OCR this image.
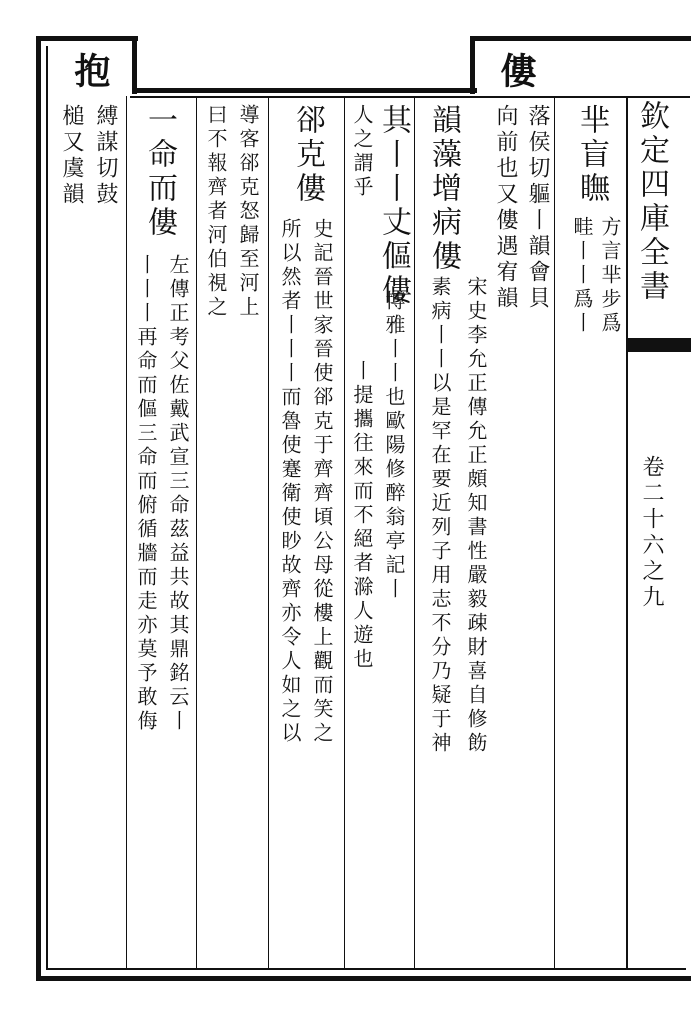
欽定四庫全書
卷二十六之九
僂
落侯切軀丨韻會貝
向前也又僂遇宥韻
抱
縛謀切鼓
槌又虞韻	芈盲瞴
方言芈步爲
畦丨丨爲丨
韻藻增病僂
宋史李允正傳允正頗知書性嚴毅疎財喜自修飭
素病丨丨以是罕在要近列子用志不分乃疑于神
其丨丨丈傴僂
博雅丨丨也歐陽修醉翁亭記丨
人之謂乎
丨提攜往來而不絕者滁人遊也
郤克僂
史記晉世家晉使郤克于齊齊頃公母從樓上觀而笑之
所以然者丨丨丨而魯使蹇衛使眇故齊亦令人如之以
導客郤克怒歸至河上
曰不報齊者河伯視之
一命而僂
左傳正考父佐戴武宣三命茲益共故其鼎銘云丨
丨丨丨再命而傴三命而俯循牆而走亦莫予敢侮
